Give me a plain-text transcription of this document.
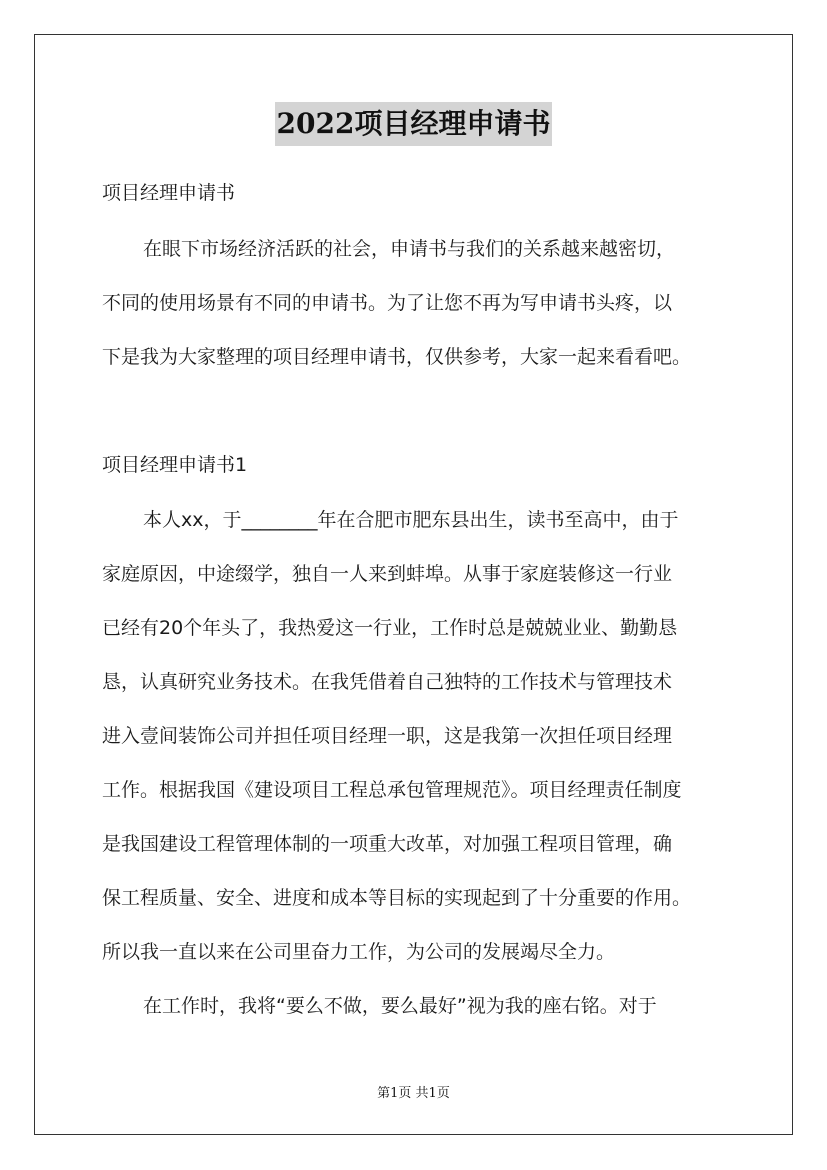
2022项目经理申请书
项目经理申请书
在眼下市场经济活跃的社会，申请书与我们的关系越来越密切，
不同的使用场景有不同的申请书。为了让您不再为写申请书头疼，以
下是我为大家整理的项目经理申请书，仅供参考，大家一起来看看吧。
项目经理申请书1
本人xx，于________年在合肥市肥东县出生，读书至高中，由于
家庭原因，中途缀学，独自一人来到蚌埠。从事于家庭装修这一行业
已经有20个年头了，我热爱这一行业，工作时总是兢兢业业、勤勤恳
恳，认真研究业务技术。在我凭借着自己独特的工作技术与管理技术
进入壹间装饰公司并担任项目经理一职，这是我第一次担任项目经理
工作。根据我国《建设项目工程总承包管理规范》。项目经理责任制度
是我国建设工程管理体制的一项重大改革，对加强工程项目管理，确
保工程质量、安全、进度和成本等目标的实现起到了十分重要的作用。
所以我一直以来在公司里奋力工作，为公司的发展竭尽全力。
在工作时，我将“要么不做，要么最好”视为我的座右铭。对于
第1页 共1页
